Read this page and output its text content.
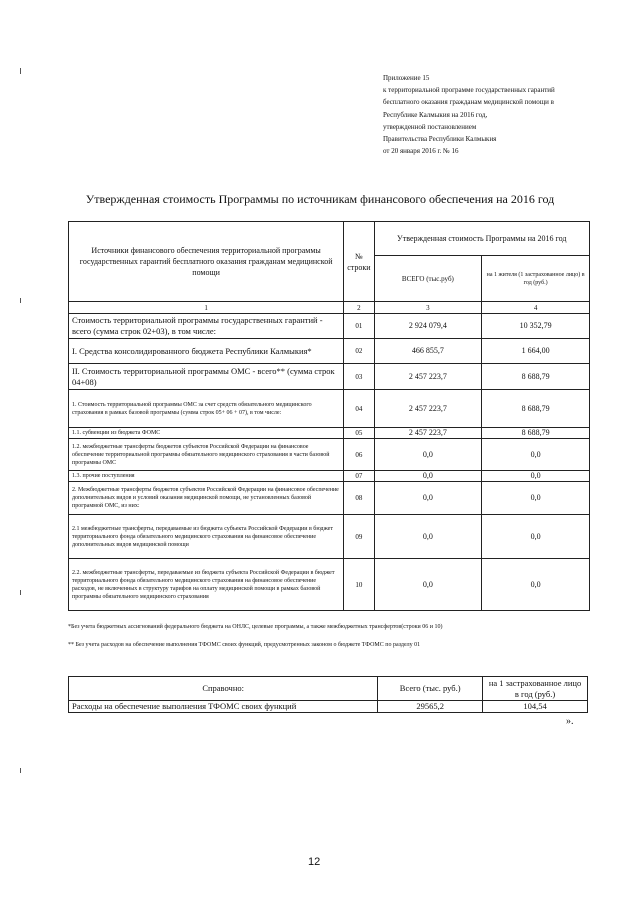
Приложение 15
к территориальной программе государственных гарантий
бесплатного оказания гражданам медицинской помощи в
Республике Калмыкия на 2016 год,
утвержденной постановлением
Правительства Республики Калмыкия
от 20 января 2016 г. № 16
Утвержденная стоимость Программы по источникам финансового обеспечения на 2016 год
Источники финансового обеспечения территориальной программы государственных гарантий бесплатного оказания гражданам медицинской помощи	№ строки	Утвержденная стоимость Программы на 2016 год	
		ВСЕГО (тыс.руб)	на 1 жителя (1 застрахованное лицо) в год (руб.)
1	2	3	4
Стоимость территориальной программы государственных гарантий - всего (сумма строк 02+03), в том числе:	01	2 924 079,4	10 352,79
I. Средства консолидированного бюджета Республики Калмыкия*	02	466 855,7	1 664,00
II. Стоимость территориальной программы ОМС - всего** (сумма строк 04+08)	03	2 457 223,7	8 688,79
1. Стоимость территориальной программы ОМС за счет средств обязательного медицинского страхования в рамках базовой программы (сумма строк 05+ 06 + 07), в том числе:	04	2 457 223,7	8 688,79
1.1. субвенции из бюджета ФОМС	05	2 457 223,7	8 688,79
1.2. межбюджетные трансферты бюджетов субъектов Российской Федерации на финансовое обеспечение территориальной программы обязательного медицинского страхования в части базовой программы ОМС	06	0,0	0,0
1.3. прочие поступления	07	0,0	0,0
2. Межбюджетные трансферты бюджетов субъектов Российской Федерации на финансовое обеспечение дополнительных видов и условий оказания медицинской помощи, не установленных базовой программой ОМС, из них:	08	0,0	0,0
2.1 межбюджетные трансферты, передаваемые из бюджета субъекта Российской Федерации в бюджет территориального фонда обязательного медицинского страхования на финансовое обеспечение дополнительных видов медицинской помощи	09	0,0	0,0
2.2. межбюджетные трансферты, передаваемые из бюджета субъекта Российской Федерации в бюджет территориального фонда обязательного медицинского страхования на финансовое обеспечение расходов, не включенных в структуру тарифов на оплату медицинской помощи в рамках базовой программы обязательного медицинского страхования	10	0,0	0,0
*Без учета бюджетных ассигнований федерального бюджета на ОНЛС, целевые программы, а также межбюджетных трансфертов(строки 06 и 10)
** Без учета расходов на обеспечение выполнения ТФОМС своих функций, предусмотренных законом о бюджете ТФОМС по разделу 01
Справочно:	Всего (тыс. руб.)	на 1 застрахованное лицо в год (руб.)
Расходы на обеспечение выполнения ТФОМС своих функций	29565,2	104,54
».
12
